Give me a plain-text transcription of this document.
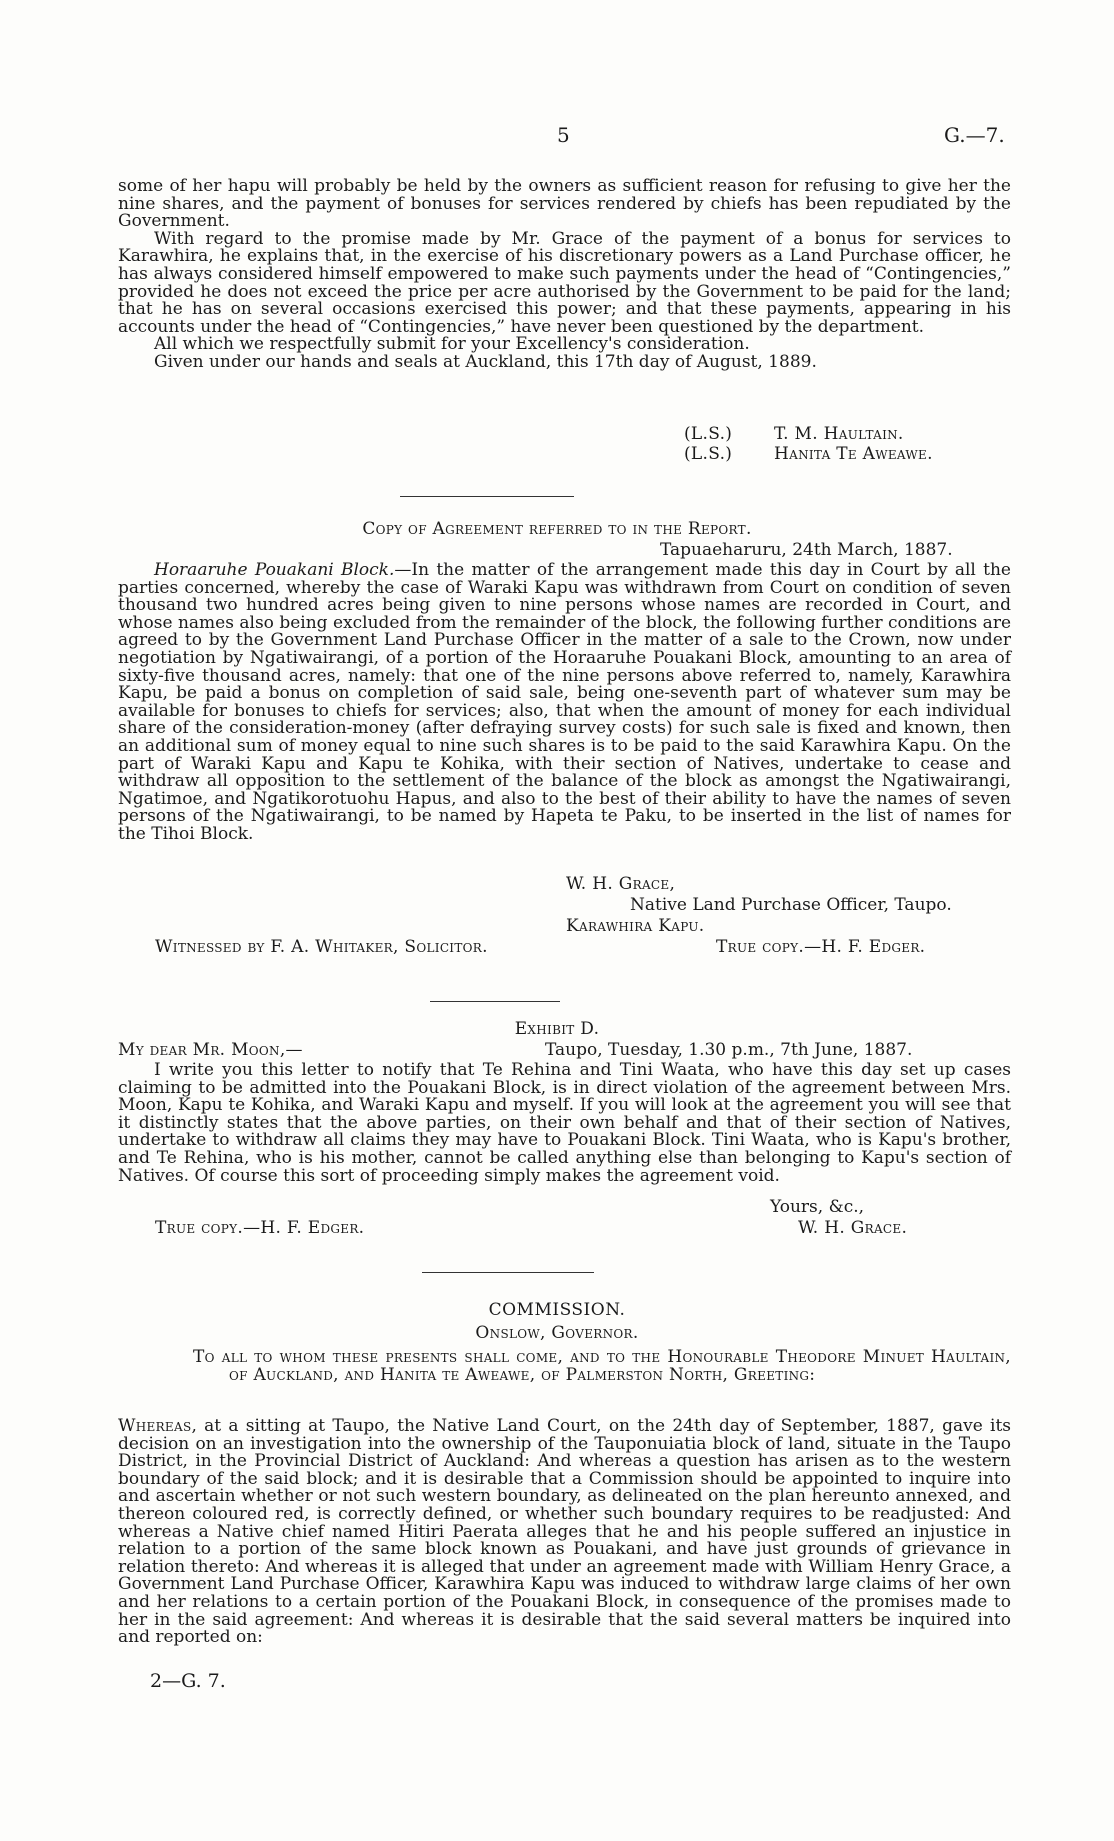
5	G.—7.

some of her hapu will probably be held by the owners as sufficient reason for refusing to give her the nine shares, and the payment of bonuses for services rendered by chiefs has been repudiated by the Government.

With regard to the promise made by Mr. Grace of the payment of a bonus for services to Karawhira, he explains that, in the exercise of his discretionary powers as a Land Purchase officer, he has always considered himself empowered to make such payments under the head of “Contingencies,” provided he does not exceed the price per acre authorised by the Government to be paid for the land; that he has on several occasions exercised this power; and that these payments, appearing in his accounts under the head of “Contingencies,” have never been questioned by the department.

All which we respectfully submit for your Excellency's consideration.

Given under our hands and seals at Auckland, this 17th day of August, 1889.

(L.S.) T. M. Haultain.
(L.S.) Hanita Te Aweawe.
Copy of Agreement referred to in the Report.
Tapuaeharuru, 24th March, 1887.

Horaaruhe Pouakani Block.—In the matter of the arrangement made this day in Court by all the parties concerned, whereby the case of Waraki Kapu was withdrawn from Court on condition of seven thousand two hundred acres being given to nine persons whose names are recorded in Court, and whose names also being excluded from the remainder of the block, the following further conditions are agreed to by the Government Land Purchase Officer in the matter of a sale to the Crown, now under negotiation by Ngatiwairangi, of a portion of the Horaaruhe Pouakani Block, amounting to an area of sixty-five thousand acres, namely: that one of the nine persons above referred to, namely, Karawhira Kapu, be paid a bonus on completion of said sale, being one-seventh part of whatever sum may be available for bonuses to chiefs for services; also, that when the amount of money for each individual share of the consideration-money (after defraying survey costs) for such sale is fixed and known, then an additional sum of money equal to nine such shares is to be paid to the said Karawhira Kapu. On the part of Waraki Kapu and Kapu te Kohika, with their section of Natives, undertake to cease and withdraw all opposition to the settlement of the balance of the block as amongst the Ngatiwairangi, Ngatimoe, and Ngatikorotuohu Hapus, and also to the best of their ability to have the names of seven persons of the Ngatiwairangi, to be named by Hapeta te Paku, to be inserted in the list of names for the Tihoi Block.

W. H. Grace,
Native Land Purchase Officer, Taupo.
Karawhira Kapu.
Witnessed by F. A. Whitaker, Solicitor.	True copy.—H. F. Edger.
Exhibit D.
My dear Mr. Moon,—	Taupo, Tuesday, 1.30 p.m., 7th June, 1887.

I write you this letter to notify that Te Rehina and Tini Waata, who have this day set up cases claiming to be admitted into the Pouakani Block, is in direct violation of the agreement between Mrs. Moon, Kapu te Kohika, and Waraki Kapu and myself. If you will look at the agreement you will see that it distinctly states that the above parties, on their own behalf and that of their section of Natives, undertake to withdraw all claims they may have to Pouakani Block. Tini Waata, who is Kapu's brother, and Te Rehina, who is his mother, cannot be called anything else than belonging to Kapu's section of Natives. Of course this sort of proceeding simply makes the agreement void.

Yours, &c.,
True copy.—H. F. Edger.	W. H. Grace.
COMMISSION.
Onslow, Governor.

To all to whom these presents shall come, and to the Honourable Theodore Minuet Haultain, of Auckland, and Hanita te Aweawe, of Palmerston North, Greeting:

Whereas, at a sitting at Taupo, the Native Land Court, on the 24th day of September, 1887, gave its decision on an investigation into the ownership of the Tauponuiatia block of land, situate in the Taupo District, in the Provincial District of Auckland: And whereas a question has arisen as to the western boundary of the said block; and it is desirable that a Commission should be appointed to inquire into and ascertain whether or not such western boundary, as delineated on the plan hereunto annexed, and thereon coloured red, is correctly defined, or whether such boundary requires to be readjusted: And whereas a Native chief named Hitiri Paerata alleges that he and his people suffered an injustice in relation to a portion of the same block known as Pouakani, and have just grounds of grievance in relation thereto: And whereas it is alleged that under an agreement made with William Henry Grace, a Government Land Purchase Officer, Karawhira Kapu was induced to withdraw large claims of her own and her relations to a certain portion of the Pouakani Block, in consequence of the promises made to her in the said agreement: And whereas it is desirable that the said several matters be inquired into and reported on:

2—G. 7.
